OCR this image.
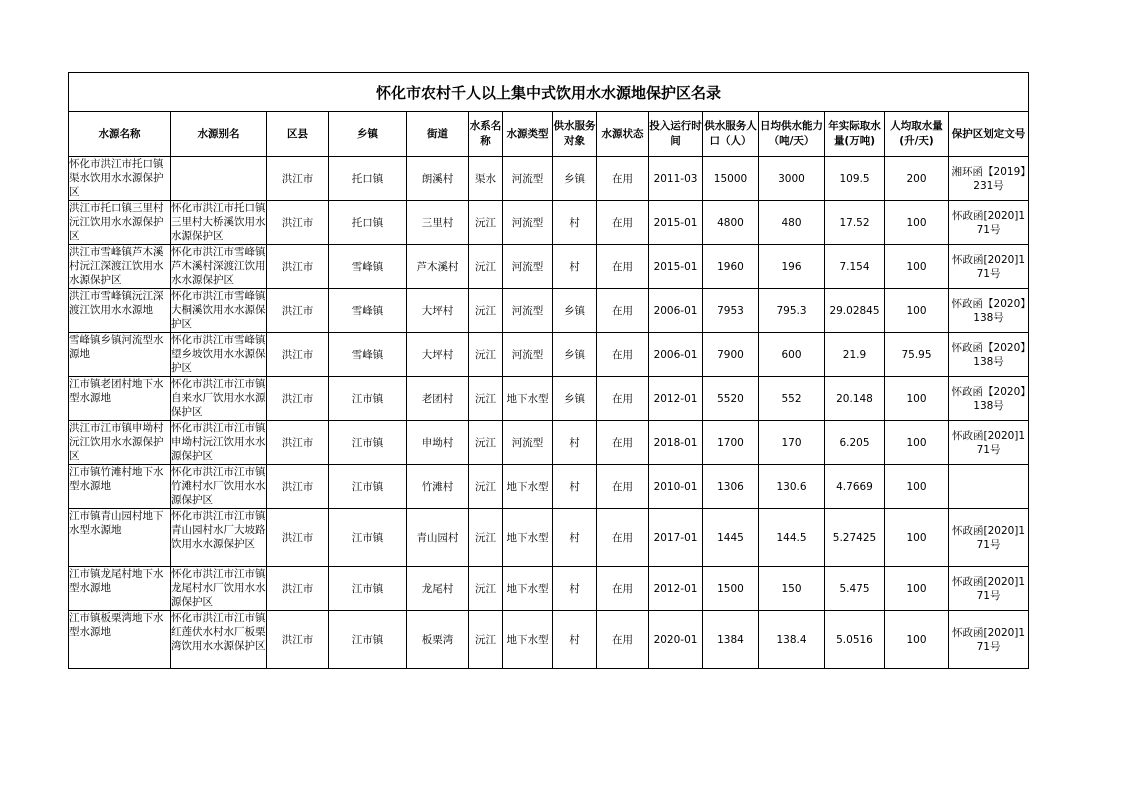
怀化市农村千人以上集中式饮用水水源地保护区名录														
水源名称	水源别名	区县	乡镇	街道	水系名称	水源类型	供水服务对象	水源状态	投入运行时间	供水服务人口（人）	日均供水能力（吨/天）	年实际取水量(万吨)	人均取水量(升/天)	保护区划定文号
怀化市洪江市托口镇渠水饮用水水源保护区		洪江市	托口镇	朗溪村	渠水	河流型	乡镇	在用	2011-03	15000	3000	109.5	200	湘环函【2019】231号
洪江市托口镇三里村沅江饮用水水源保护区	怀化市洪江市托口镇三里村大桥溪饮用水水源保护区	洪江市	托口镇	三里村	沅江	河流型	村	在用	2015-01	4800	480	17.52	100	怀政函[2020]171号
洪江市雪峰镇芦木溪村沅江深渡江饮用水水源保护区	怀化市洪江市雪峰镇芦木溪村深渡江饮用水水源保护区	洪江市	雪峰镇	芦木溪村	沅江	河流型	村	在用	2015-01	1960	196	7.154	100	怀政函[2020]171号
洪江市雪峰镇沅江深渡江饮用水水源地	怀化市洪江市雪峰镇大桐溪饮用水水源保护区	洪江市	雪峰镇	大坪村	沅江	河流型	乡镇	在用	2006-01	7953	795.3	29.02845	100	怀政函【2020】138号
雪峰镇乡镇河流型水源地	怀化市洪江市雪峰镇望乡坡饮用水水源保护区	洪江市	雪峰镇	大坪村	沅江	河流型	乡镇	在用	2006-01	7900	600	21.9	75.95	怀政函【2020】138号
江市镇老团村地下水型水源地	怀化市洪江市江市镇自来水厂饮用水水源保护区	洪江市	江市镇	老团村	沅江	地下水型	乡镇	在用	2012-01	5520	552	20.148	100	怀政函【2020】138号
洪江市江市镇申坳村沅江饮用水水源保护区	怀化市洪江市江市镇申坳村沅江饮用水水源保护区	洪江市	江市镇	申坳村	沅江	河流型	村	在用	2018-01	1700	170	6.205	100	怀政函[2020]171号
江市镇竹滩村地下水型水源地	怀化市洪江市江市镇竹滩村水厂饮用水水源保护区	洪江市	江市镇	竹滩村	沅江	地下水型	村	在用	2010-01	1306	130.6	4.7669	100	
江市镇青山园村地下水型水源地	怀化市洪江市江市镇青山园村水厂大坡路饮用水水源保护区	洪江市	江市镇	青山园村	沅江	地下水型	村	在用	2017-01	1445	144.5	5.27425	100	怀政函[2020]171号
江市镇龙尾村地下水型水源地	怀化市洪江市江市镇龙尾村水厂饮用水水源保护区	洪江市	江市镇	龙尾村	沅江	地下水型	村	在用	2012-01	1500	150	5.475	100	怀政函[2020]171号
江市镇板栗湾地下水型水源地	怀化市洪江市江市镇红莲伏水村水厂板栗湾饮用水水源保护区	洪江市	江市镇	板栗湾	沅江	地下水型	村	在用	2020-01	1384	138.4	5.0516	100	怀政函[2020]171号
